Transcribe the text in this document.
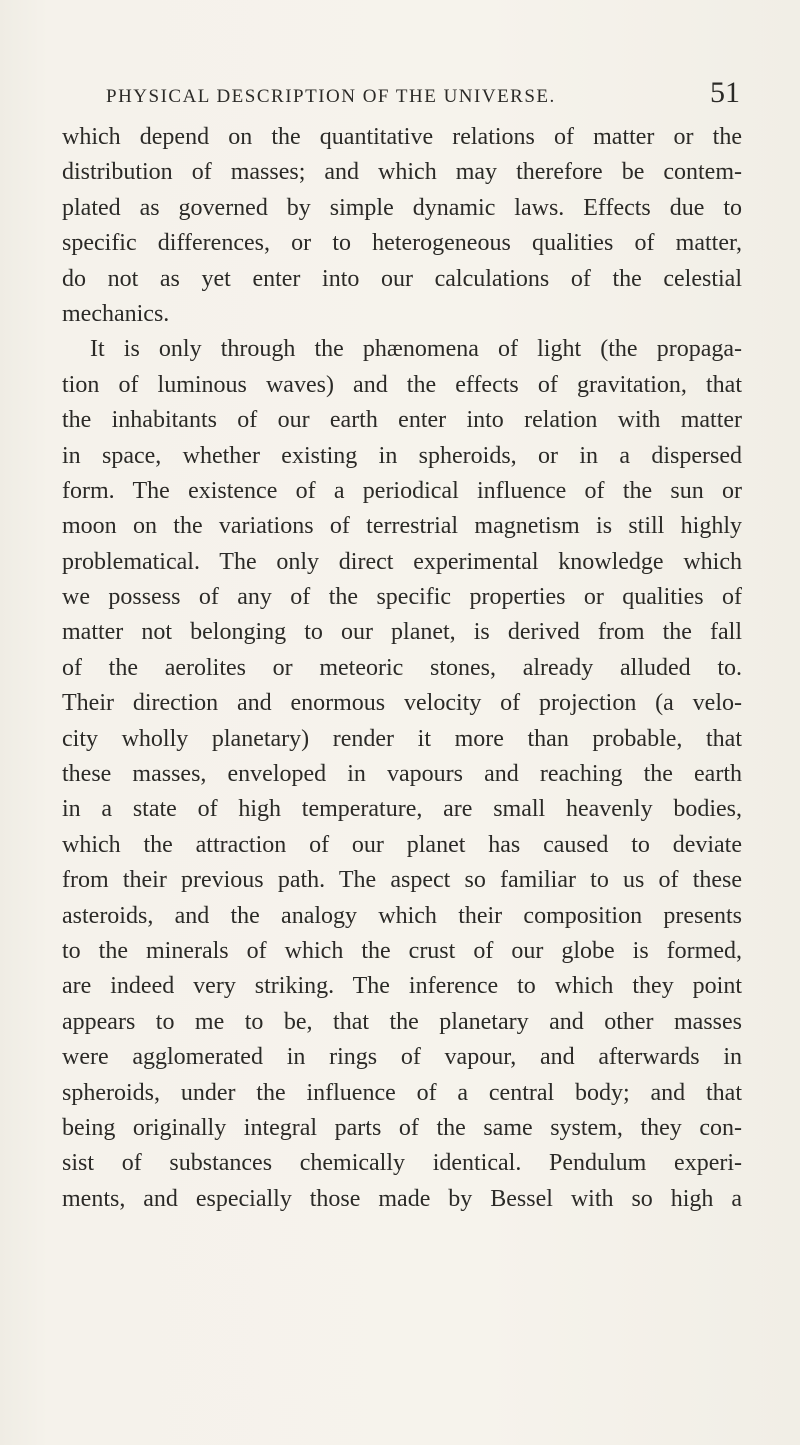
PHYSICAL DESCRIPTION OF THE UNIVERSE.	51
which depend on the quantitative relations of matter or the
distribution of masses; and which may therefore be contem-
plated as governed by simple dynamic laws. Effects due to
specific differences, or to heterogeneous qualities of matter,
do not as yet enter into our calculations of the celestial
mechanics.
It is only through the phænomena of light (the propaga-
tion of luminous waves) and the effects of gravitation, that
the inhabitants of our earth enter into relation with matter
in space, whether existing in spheroids, or in a dispersed
form. The existence of a periodical influence of the sun or
moon on the variations of terrestrial magnetism is still highly
problematical. The only direct experimental knowledge which
we possess of any of the specific properties or qualities of
matter not belonging to our planet, is derived from the fall
of the aerolites or meteoric stones, already alluded to.
Their direction and enormous velocity of projection (a velo-
city wholly planetary) render it more than probable, that
these masses, enveloped in vapours and reaching the earth
in a state of high temperature, are small heavenly bodies,
which the attraction of our planet has caused to deviate
from their previous path. The aspect so familiar to us of these
asteroids, and the analogy which their composition presents
to the minerals of which the crust of our globe is formed,
are indeed very striking. The inference to which they point
appears to me to be, that the planetary and other masses
were agglomerated in rings of vapour, and afterwards in
spheroids, under the influence of a central body; and that
being originally integral parts of the same system, they con-
sist of substances chemically identical. Pendulum experi-
ments, and especially those made by Bessel with so high a
